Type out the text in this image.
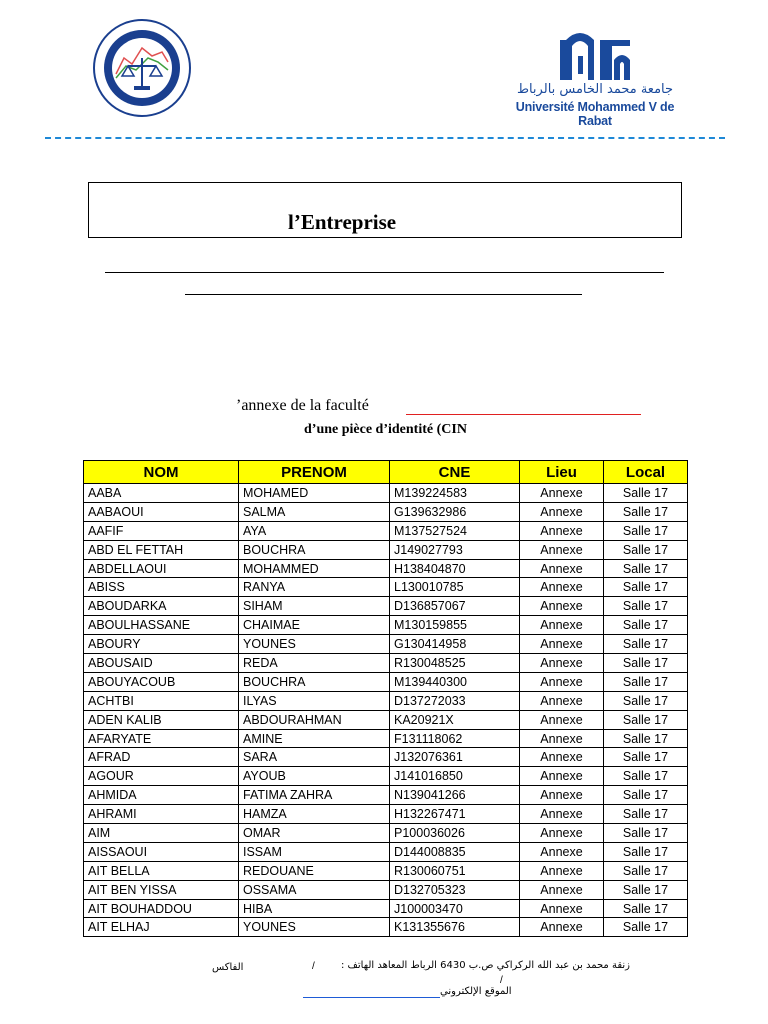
جامعة محمد الخامس بالرباط
Université Mohammed V de Rabat
l’Entreprise
’annexe de la faculté
d’une pièce d’identité (CIN
NOM	PRENOM	CNE	Lieu	Local
AABA	MOHAMED	M139224583	Annexe	Salle 17
AABAOUI	SALMA	G139632986	Annexe	Salle 17
AAFIF	AYA	M137527524	Annexe	Salle 17
ABD EL FETTAH	BOUCHRA	J149027793	Annexe	Salle 17
ABDELLAOUI	MOHAMMED	H138404870	Annexe	Salle 17
ABISS	RANYA	L130010785	Annexe	Salle 17
ABOUDARKA	SIHAM	D136857067	Annexe	Salle 17
ABOULHASSANE	CHAIMAE	M130159855	Annexe	Salle 17
ABOURY	YOUNES	G130414958	Annexe	Salle 17
ABOUSAID	REDA	R130048525	Annexe	Salle 17
ABOUYACOUB	BOUCHRA	M139440300	Annexe	Salle 17
ACHTBI	ILYAS	D137272033	Annexe	Salle 17
ADEN KALIB	ABDOURAHMAN	KA20921X	Annexe	Salle 17
AFARYATE	AMINE	F131118062	Annexe	Salle 17
AFRAD	SARA	J132076361	Annexe	Salle 17
AGOUR	AYOUB	J141016850	Annexe	Salle 17
AHMIDA	FATIMA ZAHRA	N139041266	Annexe	Salle 17
AHRAMI	HAMZA	H132267471	Annexe	Salle 17
AIM	OMAR	P100036026	Annexe	Salle 17
AISSAOUI	ISSAM	D144008835	Annexe	Salle 17
AIT BELLA	REDOUANE	R130060751	Annexe	Salle 17
AIT BEN YISSA	OSSAMA	D132705323	Annexe	Salle 17
AIT BOUHADDOU	HIBA	J100003470	Annexe	Salle 17
AIT ELHAJ	YOUNES	K131355676	Annexe	Salle 17
زنقة محمد بن عبد الله الركراكي ص.ب 6430 الرباط المعاهد الهاتف :
الفاكس	/
/
الموقع الإلكتروني
